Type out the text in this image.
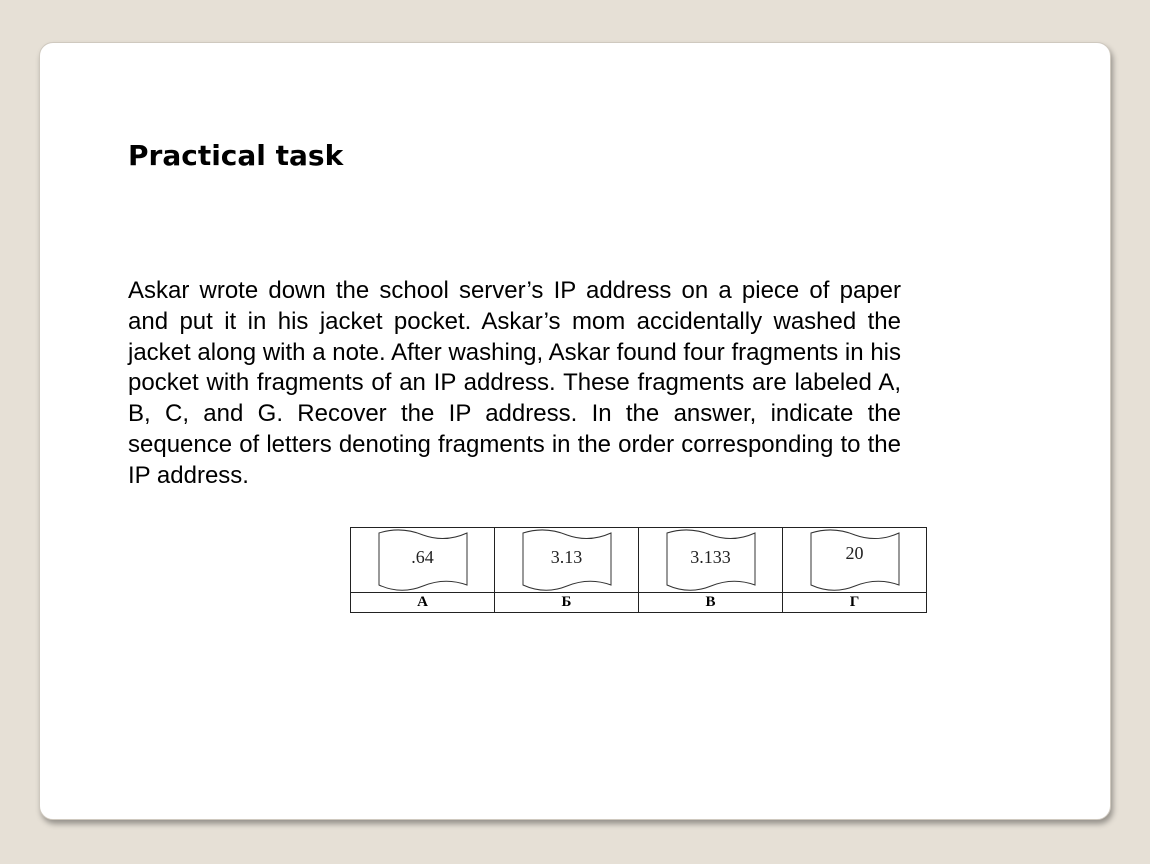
Practical task

Askar wrote down the school server’s IP address on a piece of paper and put it in his jacket pocket. Askar’s mom accidentally washed the jacket along with a note. After washing, Askar found four fragments in his pocket with fragments of an IP address. These fragments are labeled A, B, C, and G. Recover the IP address. In the answer, indicate the sequence of letters denoting fragments in the order corresponding to the IP address.

.64	3.13	3.133	20

А	Б	В	Г
